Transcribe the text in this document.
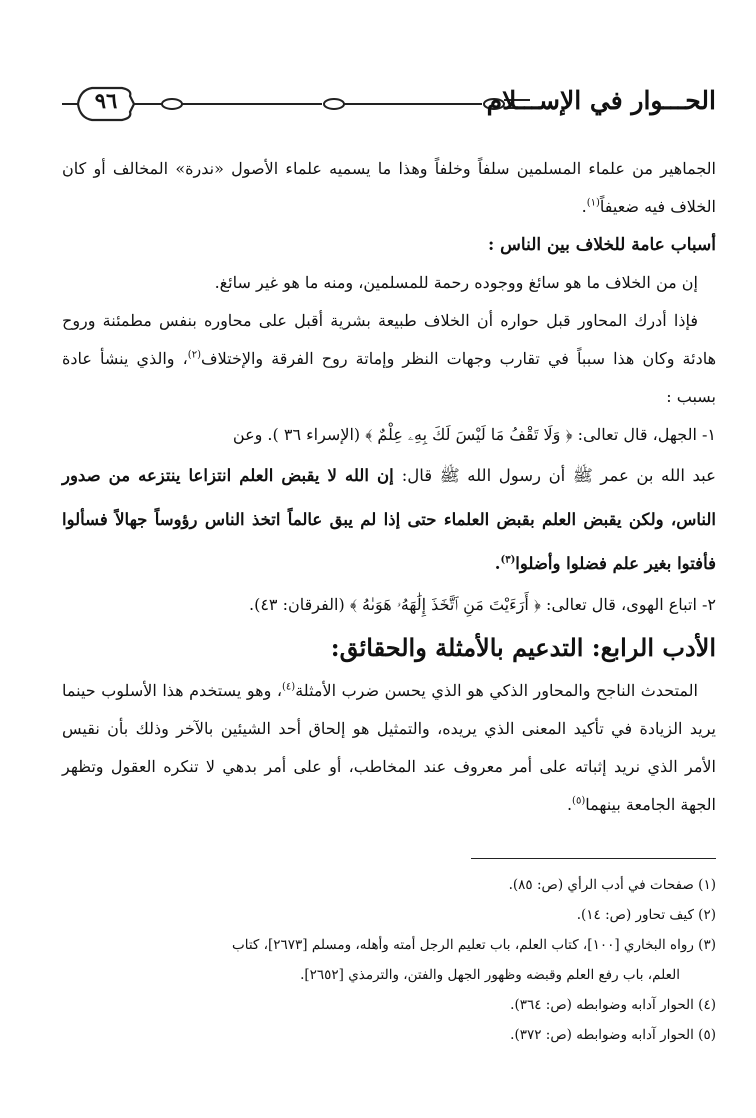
٩٦	الحـــوار في الإســـلام

الجماهير من علماء المسلمين سلفاً وخلفاً وهذا ما يسميه علماء الأصول «ندرة» المخالف أو كان الخلاف فيه ضعيفاً$^{(١)}$.

أسباب عامة للخلاف بين الناس :

إن من الخلاف ما هو سائغ ووجوده رحمة للمسلمين، ومنه ما هو غير سائغ.

فإذا أدرك المحاور قبل حواره أن الخلاف طبيعة بشرية أقبل على محاوره بنفس مطمئنة وروح هادئة وكان هذا سبباً في تقارب وجهات النظر وإماتة روح الفرقة والإختلاف$^{(٢)}$، والذي ينشأ عادة بسبب :

١- الجهل، قال تعالى: ﴿ وَلَا تَقْفُ مَا لَيْسَ لَكَ بِهِۦ عِلْمٌ ﴾ (الإسراء ٣٦ ). وعن

عبد الله بن عمر ﷺ أن رسول الله ﷺ قال: إن الله لا يقبض العلم انتزاعا ينتزعه من صدور الناس، ولكن يقبض العلم بقبض العلماء حتى إذا لم يبق عالماً اتخذ الناس رؤوساً جهالاً فسألوا فأفتوا بغير علم فضلوا وأضلوا$^{(٣)}$.

٢- اتباع الهوى، قال تعالى: ﴿ أَرَءَيْتَ مَنِ ٱتَّخَذَ إِلَٰهَهُۥ هَوَىٰهُ ﴾ (الفرقان: ٤٣).

الأدب الرابع: التدعيم بالأمثلة والحقائق:

المتحدث الناجح والمحاور الذكي هو الذي يحسن ضرب الأمثلة$^{(٤)}$، وهو يستخدم هذا الأسلوب حينما يريد الزيادة في تأكيد المعنى الذي يريده، والتمثيل هو إلحاق أحد الشيئين بالآخر وذلك بأن نقيس الأمر الذي نريد إثباته على أمر معروف عند المخاطب، أو على أمر بدهي لا تنكره العقول وتظهر الجهة الجامعة بينهما$^{(٥)}$.

(١) صفحات في أدب الرأي (ص: ٨٥).

(٢) كيف تحاور (ص: ١٤).

(٣) رواه البخاري [١٠٠]، كتاب العلم، باب تعليم الرجل أمته وأهله، ومسلم [٢٦٧٣]، كتاب

العلم، باب رفع العلم وقبضه وظهور الجهل والفتن، والترمذي [٢٦٥٢].

(٤) الحوار آدابه وضوابطه (ص: ٣٦٤).

(٥) الحوار آدابه وضوابطه (ص: ٣٧٢).
